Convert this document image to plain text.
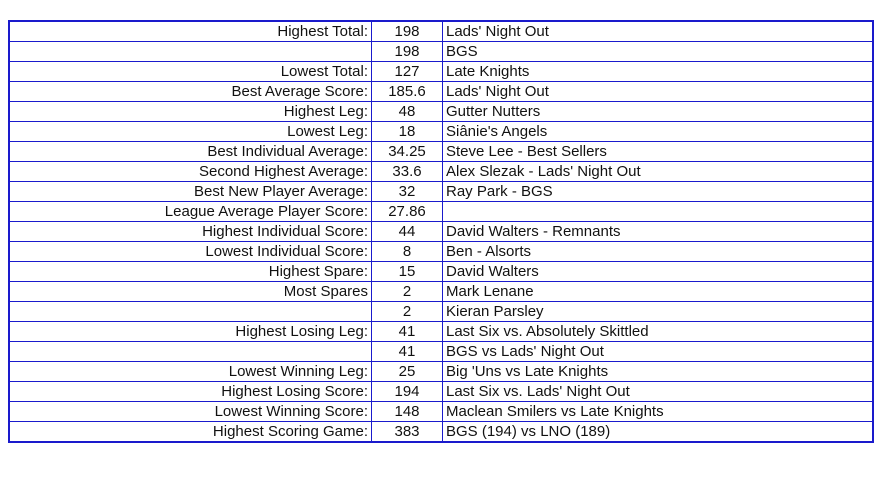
Highest Total:	198	Lads' Night Out
	198	BGS
Lowest Total:	127	Late Knights
Best Average Score:	185.6	Lads' Night Out
Highest Leg:	48	Gutter Nutters
Lowest Leg:	18	Siânie's Angels
Best Individual Average:	34.25	Steve Lee - Best Sellers
Second Highest Average:	33.6	Alex Slezak - Lads' Night Out
Best New Player Average:	32	Ray Park - BGS
League Average Player Score:	27.86	
Highest Individual Score:	44	David Walters - Remnants
Lowest Individual Score:	8	Ben - Alsorts
Highest Spare:	15	David Walters
Most Spares	2	Mark Lenane
	2	Kieran Parsley
Highest Losing Leg:	41	Last Six vs. Absolutely Skittled
	41	BGS vs Lads' Night Out
Lowest Winning Leg:	25	Big 'Uns vs Late Knights
Highest Losing Score:	194	Last Six vs. Lads' Night Out
Lowest Winning Score:	148	Maclean Smilers vs Late Knights
Highest Scoring Game:	383	BGS (194) vs LNO (189)
